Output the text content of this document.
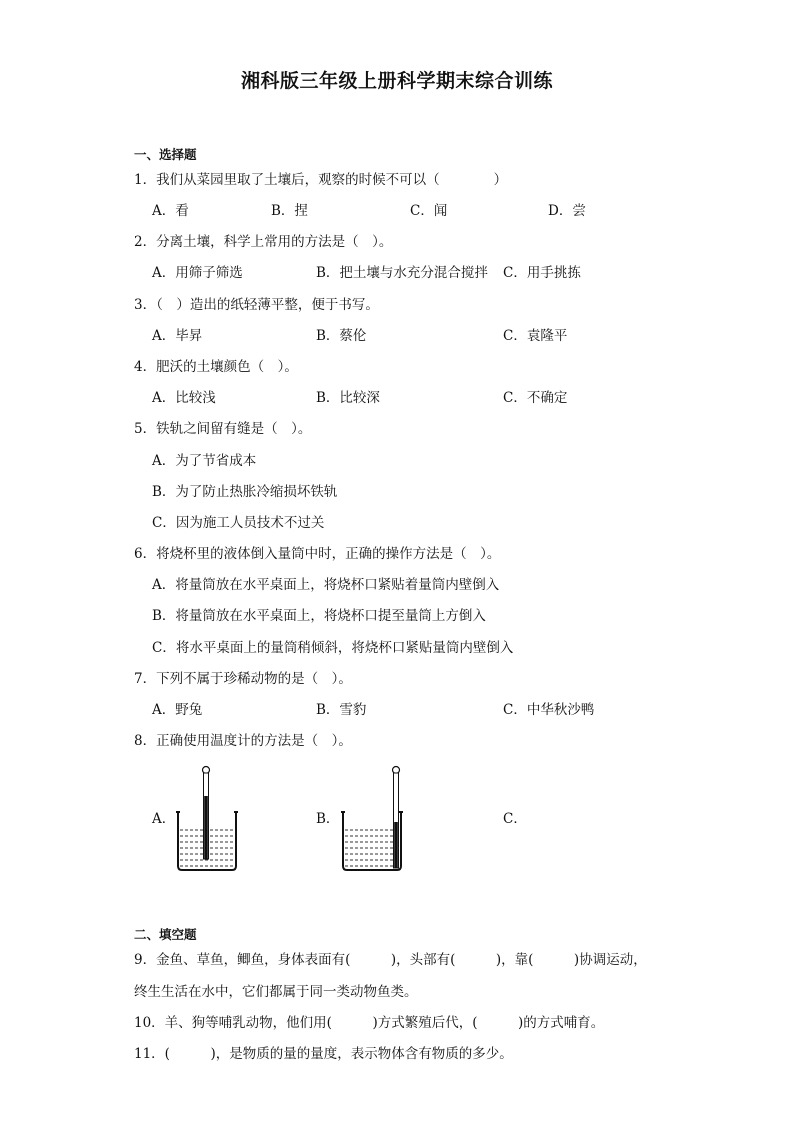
湘科版三年级上册科学期末综合训练
一、选择题
1．我们从菜园里取了土壤后，观察的时候不可以（　　　　）
A．看	B．捏	C．闻	D．尝
2．分离土壤，科学上常用的方法是（　）。
A．用筛子筛选	B．把土壤与水充分混合搅拌 C．用手挑拣
3．（　）造出的纸轻薄平整，便于书写。
A．毕昇	B．蔡伦	C．袁隆平
4．肥沃的土壤颜色（　）。
A．比较浅	B．比较深	C．不确定
5．铁轨之间留有缝是（　）。
A．为了节省成本
B．为了防止热胀冷缩损坏铁轨
C．因为施工人员技术不过关
6．将烧杯里的液体倒入量筒中时，正确的操作方法是（　）。
A．将量筒放在水平桌面上，将烧杯口紧贴着量筒内壁倒入
B．将量筒放在水平桌面上，将烧杯口提至量筒上方倒入
C．将水平桌面上的量筒稍倾斜，将烧杯口紧贴量筒内壁倒入
7．下列不属于珍稀动物的是（　）。
A．野兔	B．雪豹	C．中华秋沙鸭
8．正确使用温度计的方法是（　）。
A．	B．	C．
二、填空题
9．金鱼、草鱼，鲫鱼，身体表面有(　　　)，头部有(　　　)，靠(　　　)协调运动，
终生生活在水中，它们都属于同一类动物鱼类。
10．羊、狗等哺乳动物，他们用(　　　)方式繁殖后代，(　　　)的方式哺育。
11．(　　　)，是物质的量的量度，表示物体含有物质的多少。
